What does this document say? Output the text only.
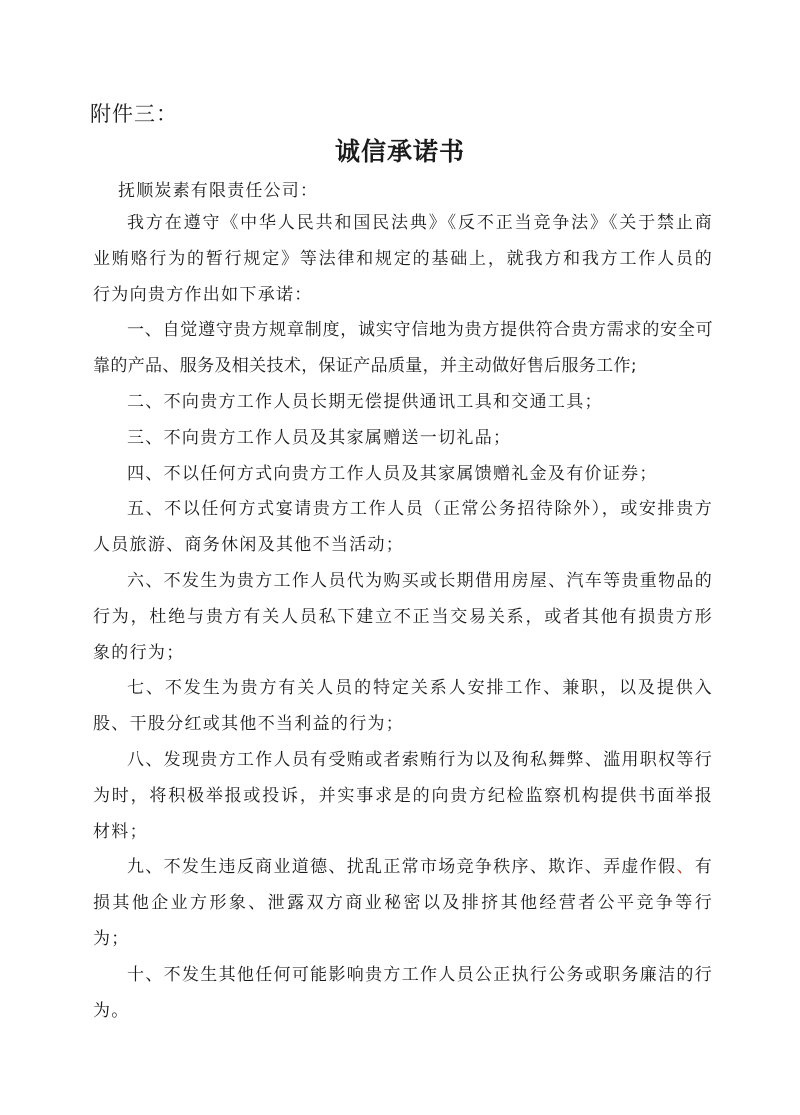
附件三：
诚信承诺书
抚顺炭素有限责任公司：

我方在遵守《中华人民共和国民法典》《反不正当竞争法》《关于禁止商业贿赂行为的暂行规定》等法律和规定的基础上，就我方和我方工作人员的行为向贵方作出如下承诺：

一、自觉遵守贵方规章制度，诚实守信地为贵方提供符合贵方需求的安全可靠的产品、服务及相关技术，保证产品质量，并主动做好售后服务工作;

二、不向贵方工作人员长期无偿提供通讯工具和交通工具；

三、不向贵方工作人员及其家属赠送一切礼品；

四、不以任何方式向贵方工作人员及其家属馈赠礼金及有价证券；

五、不以任何方式宴请贵方工作人员（正常公务招待除外），或安排贵方人员旅游、商务休闲及其他不当活动；

六、不发生为贵方工作人员代为购买或长期借用房屋、汽车等贵重物品的行为，杜绝与贵方有关人员私下建立不正当交易关系，或者其他有损贵方形象的行为；

七、不发生为贵方有关人员的特定关系人安排工作、兼职，以及提供入股、干股分红或其他不当利益的行为；

八、发现贵方工作人员有受贿或者索贿行为以及徇私舞弊、滥用职权等行为时，将积极举报或投诉，并实事求是的向贵方纪检监察机构提供书面举报材料；

九、不发生违反商业道德、扰乱正常市场竞争秩序、欺诈、弄虚作假、有损其他企业方形象、泄露双方商业秘密以及排挤其他经营者公平竞争等行为；

十、不发生其他任何可能影响贵方工作人员公正执行公务或职务廉洁的行为。
